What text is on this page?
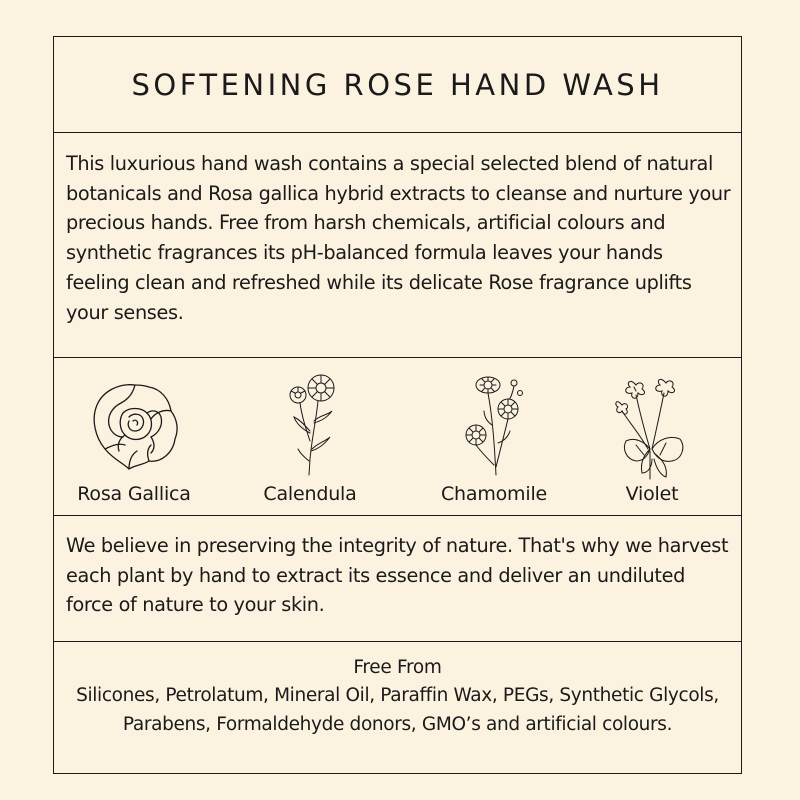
SOFTENING ROSE HAND WASH

This luxurious hand wash contains a special selected blend of natural botanicals and Rosa gallica hybrid extracts to cleanse and nurture your precious hands. Free from harsh chemicals, artificial colours and synthetic fragrances its pH-balanced formula leaves your hands feeling clean and refreshed while its delicate Rose fragrance uplifts your senses.

Rosa Gallica	Calendula	Chamomile	Violet

We believe in preserving the integrity of nature. That's why we harvest each plant by hand to extract its essence and deliver an undiluted force of nature to your skin.

Free From

Silicones, Petrolatum, Mineral Oil, Paraffin Wax, PEGs, Synthetic Glycols, Parabens, Formaldehyde donors, GMO’s and artificial colours.
